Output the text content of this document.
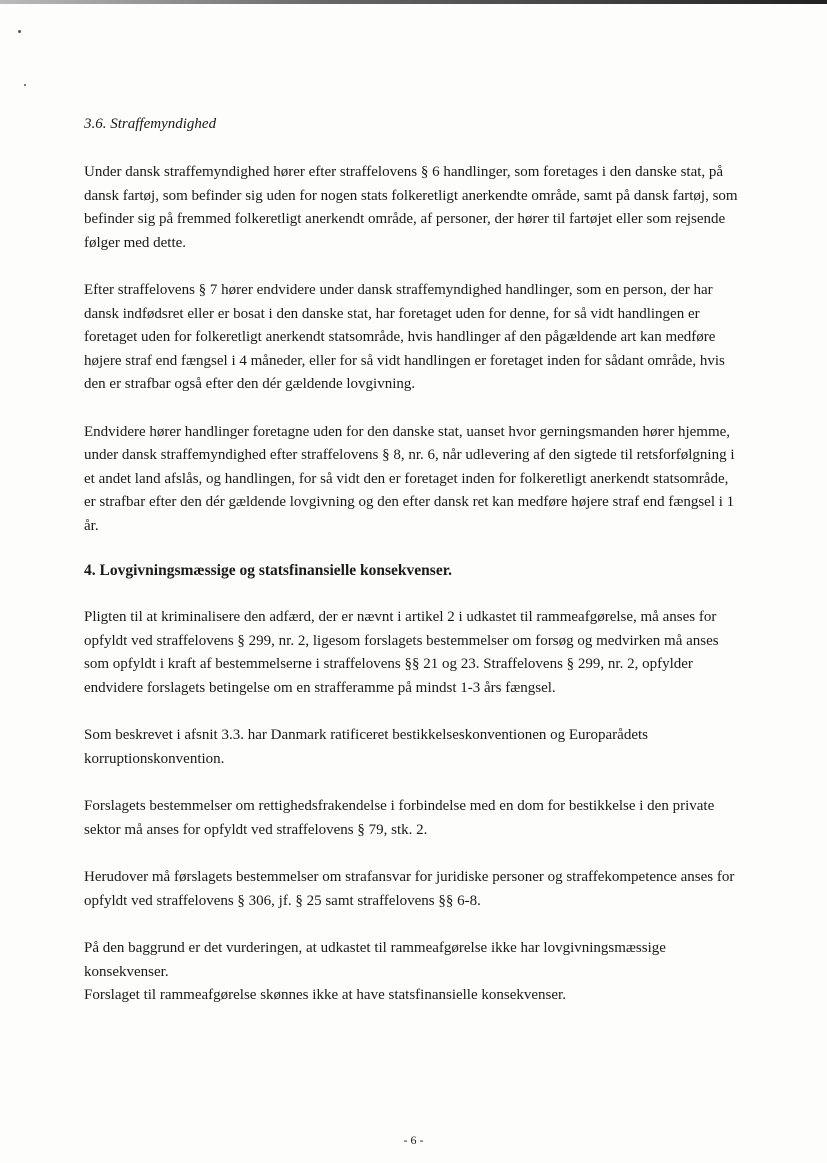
3.6. Straffemyndighed

Under dansk straffemyndighed hører efter straffelovens § 6 handlinger, som foretages i den danske stat, på dansk fartøj, som befinder sig uden for nogen stats folkeretligt anerkendte område, samt på dansk fartøj, som befinder sig på fremmed folkeretligt anerkendt område, af personer, der hører til fartøjet eller som rejsende følger med dette.

Efter straffelovens § 7 hører endvidere under dansk straffemyndighed handlinger, som en person, der har dansk indfødsret eller er bosat i den danske stat, har foretaget uden for denne, for så vidt handlingen er foretaget uden for folkeretligt anerkendt statsområde, hvis handlinger af den pågældende art kan medføre højere straf end fængsel i 4 måneder, eller for så vidt handlingen er foretaget inden for sådant område, hvis den er strafbar også efter den dér gældende lovgivning.

Endvidere hører handlinger foretagne uden for den danske stat, uanset hvor gerningsmanden hører hjemme, under dansk straffemyndighed efter straffelovens § 8, nr. 6, når udlevering af den sigtede til retsforfølgning i et andet land afslås, og handlingen, for så vidt den er foretaget inden for folkeretligt anerkendt statsområde, er strafbar efter den dér gældende lovgivning og den efter dansk ret kan medføre højere straf end fængsel i 1 år.

4. Lovgivningsmæssige og statsfinansielle konsekvenser.

Pligten til at kriminalisere den adfærd, der er nævnt i artikel 2 i udkastet til rammeafgørelse, må anses for opfyldt ved straffelovens § 299, nr. 2, ligesom forslagets bestemmelser om forsøg og medvirken må anses som opfyldt i kraft af bestemmelserne i straffelovens §§ 21 og 23. Straffelovens § 299, nr. 2, opfylder endvidere forslagets betingelse om en strafferamme på mindst 1-3 års fængsel.

Som beskrevet i afsnit 3.3. har Danmark ratificeret bestikkelseskonventionen og Europarådets korruptionskonvention.

Forslagets bestemmelser om rettighedsfrakendelse i forbindelse med en dom for bestikkelse i den private sektor må anses for opfyldt ved straffelovens § 79, stk. 2.

Herudover må førslagets bestemmelser om strafansvar for juridiske personer og straffekompetence anses for opfyldt ved straffelovens § 306, jf. § 25 samt straffelovens §§ 6-8.

På den baggrund er det vurderingen, at udkastet til rammeafgørelse ikke har lovgivningsmæssige konsekvenser.

Forslaget til rammeafgørelse skønnes ikke at have statsfinansielle konsekvenser.

- 6 -
